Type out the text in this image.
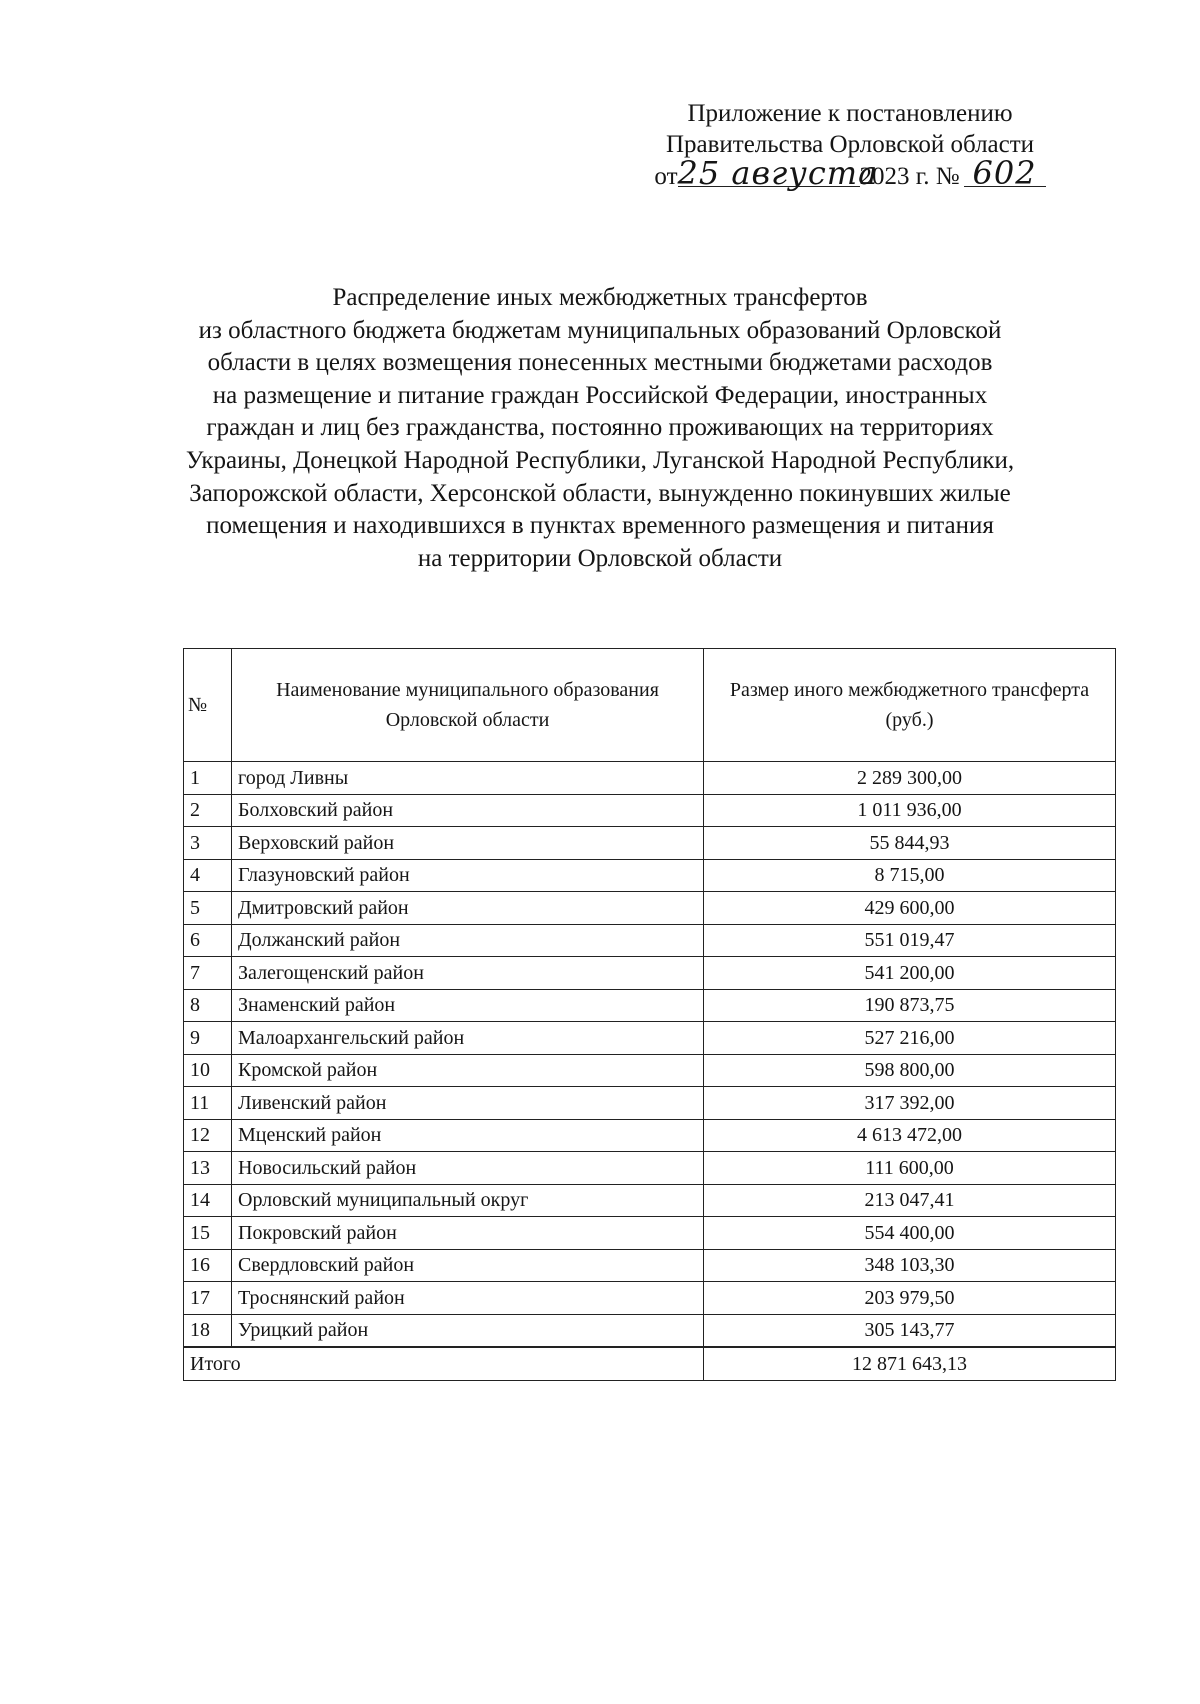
Приложение к постановлению
Правительства Орловской области
от25 августа2023 г. № 602
Распределение иных межбюджетных трансфертов
из областного бюджета бюджетам муниципальных образований Орловской
области в целях возмещения понесенных местными бюджетами расходов
на размещение и питание граждан Российской Федерации, иностранных
граждан и лиц без гражданства, постоянно проживающих на территориях
Украины, Донецкой Народной Республики, Луганской Народной Республики,
Запорожской области, Херсонской области, вынужденно покинувших жилые
помещения и находившихся в пунктах временного размещения и питания
на территории Орловской области
№	Наименование муниципального образования Орловской области	Размер иного межбюджетного трансферта (руб.)
1	город Ливны	2 289 300,00
2	Болховский район	1 011 936,00
3	Верховский район	55 844,93
4	Глазуновский район	8 715,00
5	Дмитровский район	429 600,00
6	Должанский район	551 019,47
7	Залегощенский район	541 200,00
8	Знаменский район	190 873,75
9	Малоархангельский район	527 216,00
10	Кромской район	598 800,00
11	Ливенский район	317 392,00
12	Мценский район	4 613 472,00
13	Новосильский район	111 600,00
14	Орловский муниципальный округ	213 047,41
15	Покровский район	554 400,00
16	Свердловский район	348 103,30
17	Троснянский район	203 979,50
18	Урицкий район	305 143,77
Итого		12 871 643,13
